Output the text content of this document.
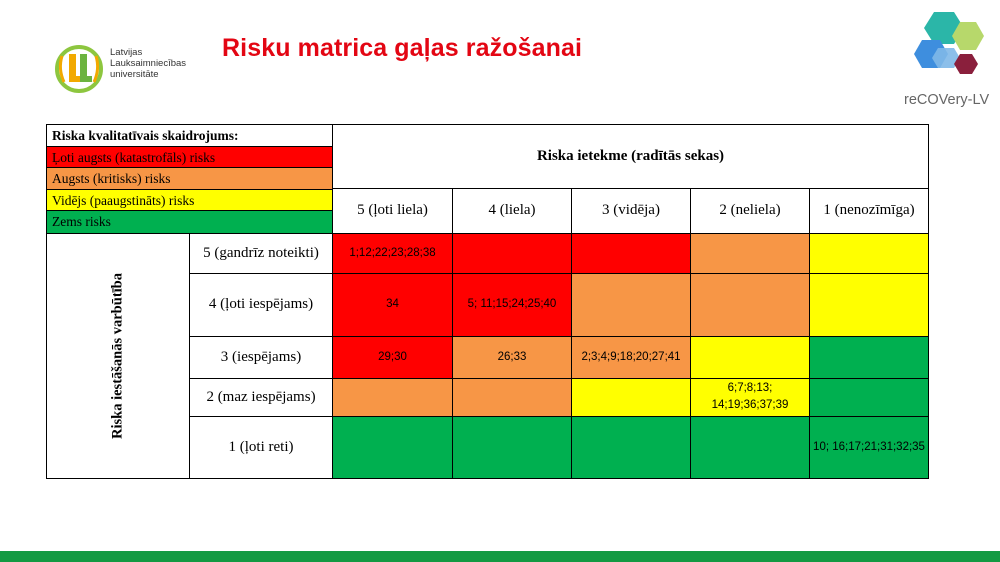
Latvijas
Lauksaimniecības
universitāte
Risku matrica gaļas ražošanai
reCOVery-LV
Riska kvalitatīvais skaidrojums:
Ļoti augsts (katastrofāls) risks
Augsts (kritisks) risks
Vidējs (paaugstināts) risks
Zems risks		Riska ietekme (radītās sekas)				
		5 (ļoti liela)	4 (liela)	3 (vidēja)	2 (neliela)	1 (nenozīmīga)

Riska iestāšanās varbūtība	5 (gandrīz noteikti)	1;12;22;23;28;38				
	4 (ļoti iespējams)	34	5; 11;15;24;25;40			
	3 (iespējams)	29;30	26;33	2;3;4;9;18;20;27;41		
	2 (maz iespējams)				6;7;8;13; 14;19;36;37;39	
	1 (ļoti reti)					10; 16;17;21;31;32;35
